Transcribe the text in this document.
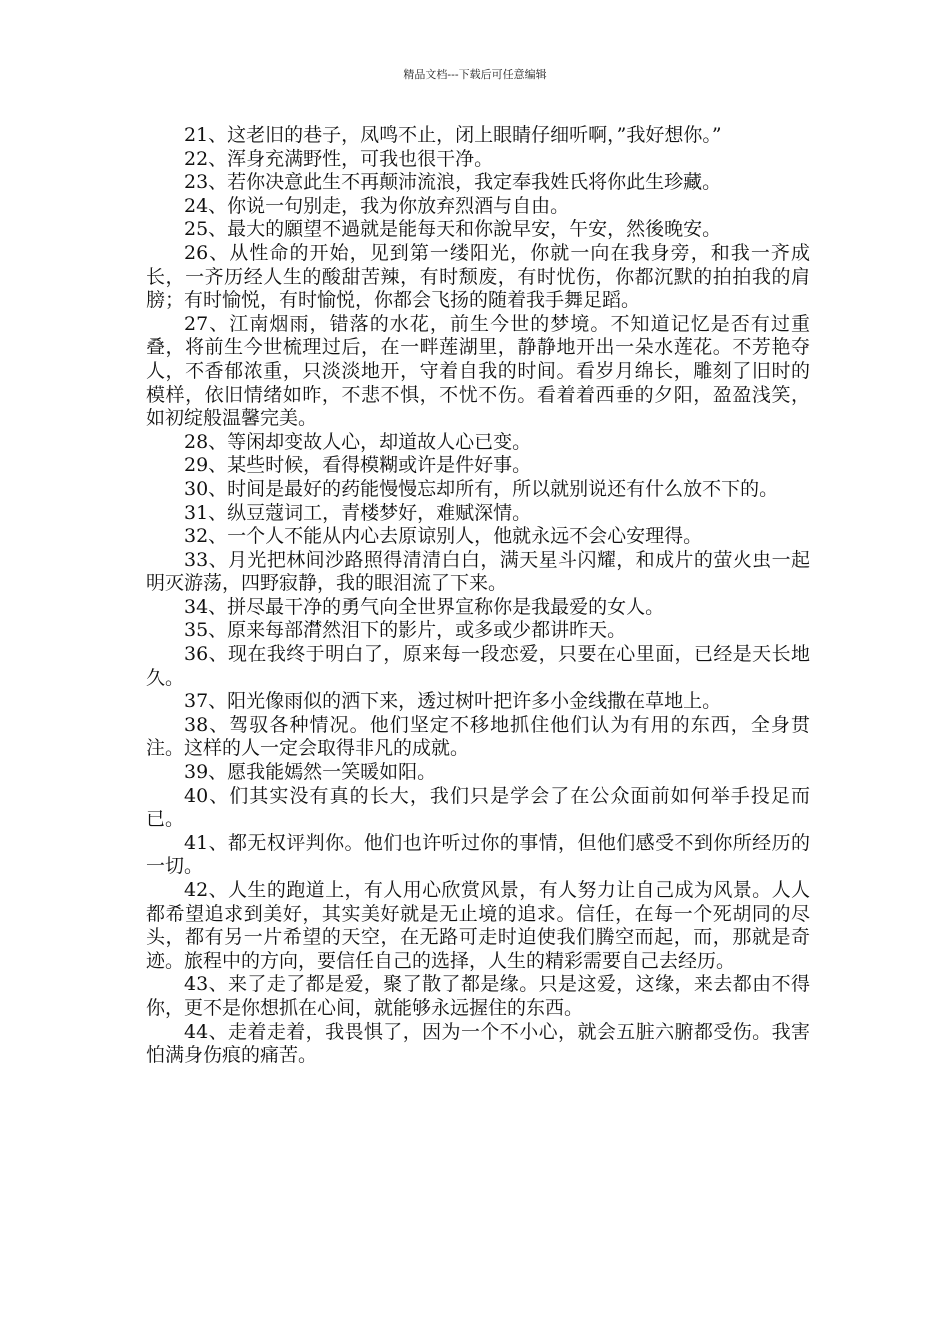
精品文档---下载后可任意编辑

21、这老旧的巷子，凤鸣不止，闭上眼睛仔细听啊，”我好想你。”

22、浑身充满野性，可我也很干净。

23、若你决意此生不再颠沛流浪，我定奉我姓氏将你此生珍藏。

24、你说一句别走，我为你放弃烈酒与自由。

25、最大的願望不過就是能每天和你說早安，午安，然後晚安。

26、从性命的开始，见到第一缕阳光，你就一向在我身旁，和我一齐成长，一齐历经人生的酸甜苦辣，有时颓废，有时忧伤，你都沉默的拍拍我的肩膀；有时愉悦，有时愉悦，你都会飞扬的随着我手舞足蹈。

27、江南烟雨，错落的水花，前生今世的梦境。不知道记忆是否有过重叠，将前生今世梳理过后，在一畔莲湖里，静静地开出一朵水莲花。不芳艳夺人，不香郁浓重，只淡淡地开，守着自我的时间。看岁月绵长，雕刻了旧时的模样，依旧情绪如昨，不悲不惧，不忧不伤。看着着西垂的夕阳，盈盈浅笑，如初绽般温馨完美。

28、等闲却变故人心，却道故人心已变。

29、某些时候，看得模糊或许是件好事。

30、时间是最好的药能慢慢忘却所有，所以就别说还有什么放不下的。

31、纵豆蔻词工，青楼梦好，难赋深情。

32、一个人不能从内心去原谅别人，他就永远不会心安理得。

33、月光把林间沙路照得清清白白，满天星斗闪耀，和成片的萤火虫一起明灭游荡，四野寂静，我的眼泪流了下来。

34、拼尽最干净的勇气向全世界宣称你是我最爱的女人。

35、原来每部潸然泪下的影片，或多或少都讲昨天。

36、现在我终于明白了，原来每一段恋爱，只要在心里面，已经是天长地久。

37、阳光像雨似的洒下来，透过树叶把许多小金线撒在草地上。

38、驾驭各种情况。他们坚定不移地抓住他们认为有用的东西，全身贯注。这样的人一定会取得非凡的成就。

39、愿我能嫣然一笑暖如阳。

40、们其实没有真的长大，我们只是学会了在公众面前如何举手投足而已。

41、都无权评判你。他们也许听过你的事情，但他们感受不到你所经历的一切。

42、人生的跑道上，有人用心欣赏风景，有人努力让自己成为风景。人人都希望追求到美好，其实美好就是无止境的追求。信任，在每一个死胡同的尽头，都有另一片希望的天空，在无路可走时迫使我们腾空而起，而，那就是奇迹。旅程中的方向，要信任自己的选择，人生的精彩需要自己去经历。

43、来了走了都是爱，聚了散了都是缘。只是这爱，这缘，来去都由不得你，更不是你想抓在心间，就能够永远握住的东西。

44、走着走着，我畏惧了，因为一个不小心，就会五脏六腑都受伤。我害怕满身伤痕的痛苦。
